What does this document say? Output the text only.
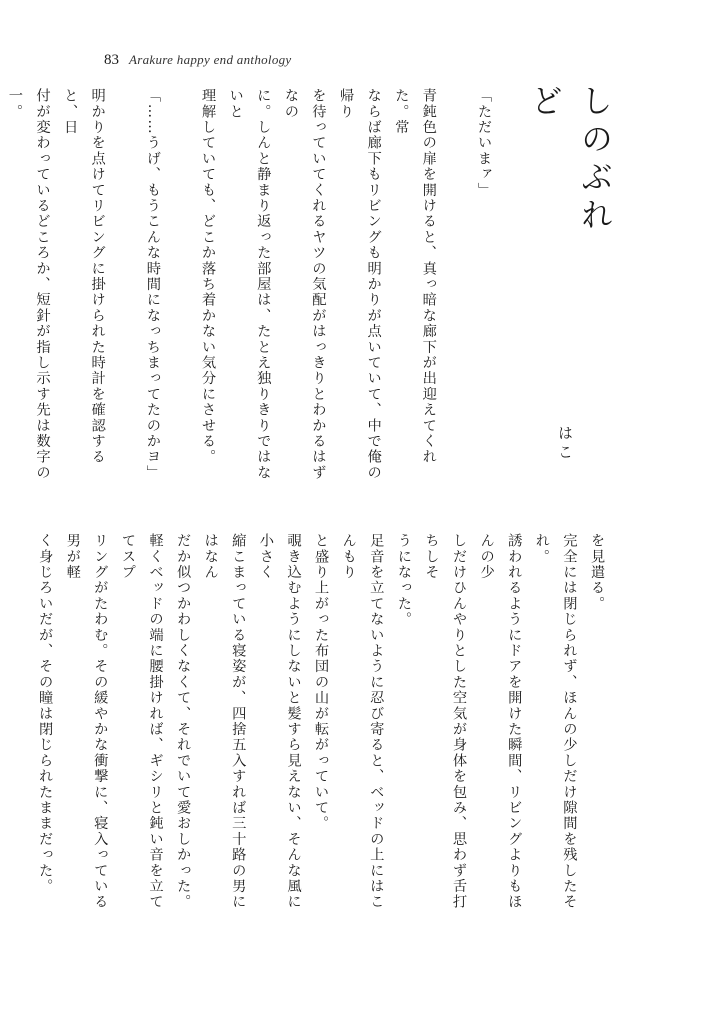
83 Arakure happy end anthology
しのぶれど
はこ

「ただいまァ」

青鈍色の扉を開けると、真っ暗な廊下が出迎えてくれた。常

ならば廊下もリビングも明かりが点いていて、中で俺の帰り

を待っていてくれるヤツの気配がはっきりとわかるはずなの

に。しんと静まり返った部屋は、たとえ独りきりではないと

理解していても、どこか落ち着かない気分にさせる。

「……うげ、もうこんな時間になっちまってたのかヨ」

明かりを点けてリビングに掛けられた時計を確認すると、日

付が変わっているどころか、短針が指し示す先は数字の一。

を見遣る。

完全には閉じられず、ほんの少しだけ隙間を残したそれ。

誘われるようにドアを開けた瞬間、リビングよりもほんの少

しだけひんやりとした空気が身体を包み、思わず舌打ちしそ

うになった。

足音を立てないように忍び寄ると、ベッドの上にはこんもり

と盛り上がった布団の山が転がっていて。

覗き込むようにしないと髪すら見えない、そんな風に小さく

縮こまっている寝姿が、四捨五入すれば三十路の男にはなん

だか似つかわしくなくて、それでいて愛おしかった。

軽くベッドの端に腰掛ければ、ギシリと鈍い音を立ててスプ

リングがたわむ。その緩やかな衝撃に、寝入っている男が軽

く身じろいだが、その瞳は閉じられたままだった。
